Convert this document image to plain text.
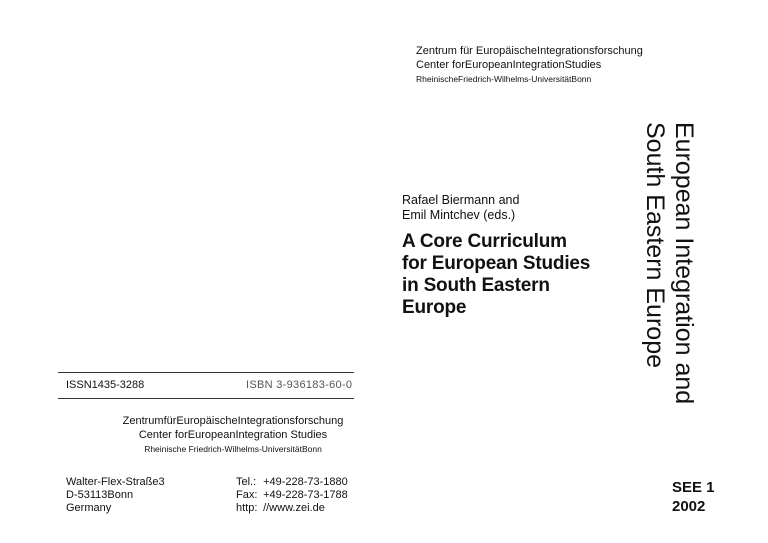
Zentrum für EuropäischeIntegrationsforschung
Center forEuropeanIntegrationStudies
RheinischeFriedrich-Wilhelms-UniversitätBonn
Rafael Biermann and
Emil Mintchev (eds.)
A Core Curriculum
for European Studies
in South Eastern
Europe	European Integration and
South Eastern Europe
SEE 1
2002
ISSN1435-3288	ISBN 3-936183-60-0
ZentrumfürEuropäischeIntegrationsforschung
Center forEuropeanIntegration Studies
Rheinische Friedrich-Wilhelms-UniversitätBonn
Walter-Flex-Straße3
D-53113Bonn
Germany
Tel.: +49-228-73-1880
Fax: +49-228-73-1788
http: //www.zei.de
